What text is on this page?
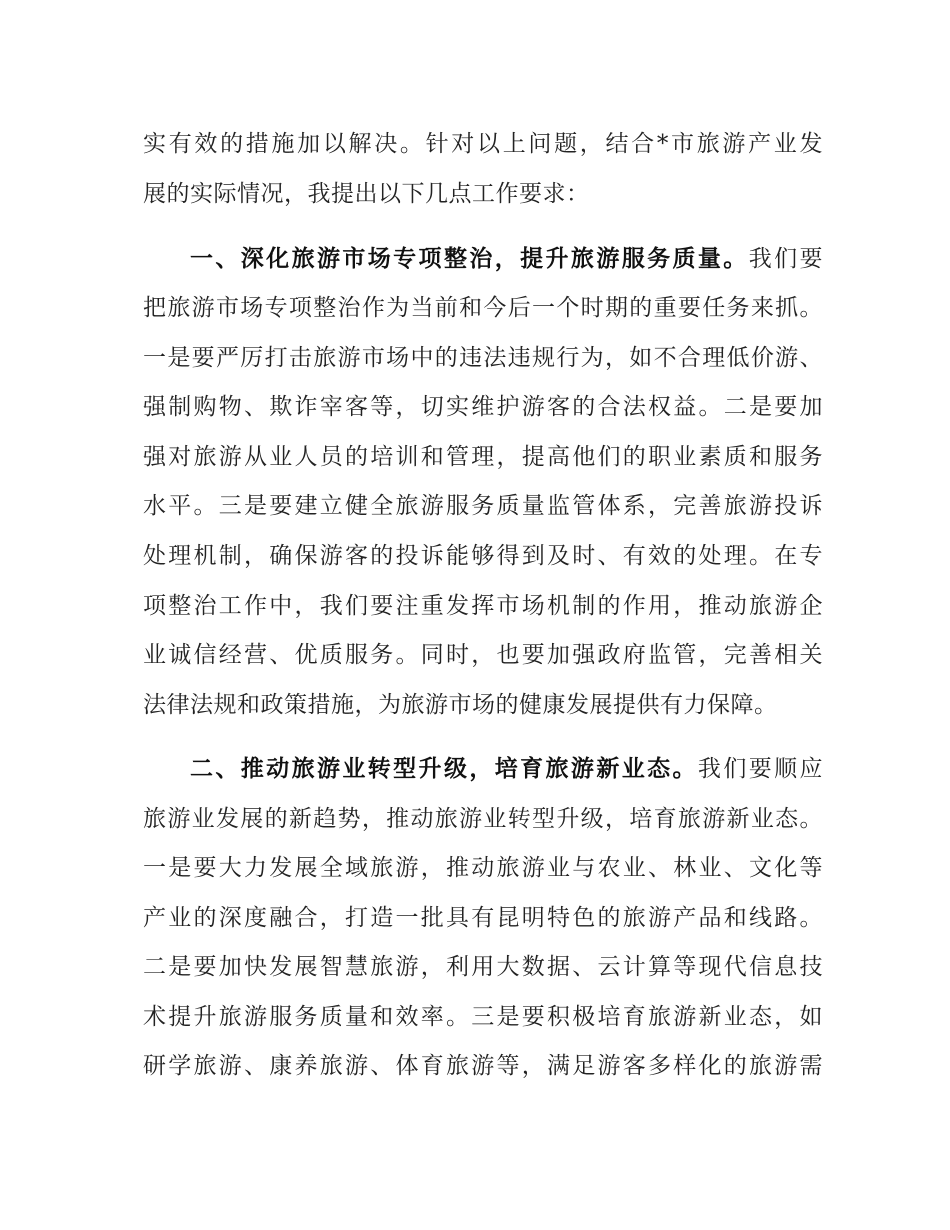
实有效的措施加以解决。针对以上问题，结合*市旅游产业发
展的实际情况，我提出以下几点工作要求：
一、深化旅游市场专项整治，提升旅游服务质量。我们要
把旅游市场专项整治作为当前和今后一个时期的重要任务来抓。
一是要严厉打击旅游市场中的违法违规行为，如不合理低价游、
强制购物、欺诈宰客等，切实维护游客的合法权益。二是要加
强对旅游从业人员的培训和管理，提高他们的职业素质和服务
水平。三是要建立健全旅游服务质量监管体系，完善旅游投诉
处理机制，确保游客的投诉能够得到及时、有效的处理。在专
项整治工作中，我们要注重发挥市场机制的作用，推动旅游企
业诚信经营、优质服务。同时，也要加强政府监管，完善相关
法律法规和政策措施，为旅游市场的健康发展提供有力保障。
二、推动旅游业转型升级，培育旅游新业态。我们要顺应
旅游业发展的新趋势，推动旅游业转型升级，培育旅游新业态。
一是要大力发展全域旅游，推动旅游业与农业、林业、文化等
产业的深度融合，打造一批具有昆明特色的旅游产品和线路。
二是要加快发展智慧旅游，利用大数据、云计算等现代信息技
术提升旅游服务质量和效率。三是要积极培育旅游新业态，如
研学旅游、康养旅游、体育旅游等，满足游客多样化的旅游需
